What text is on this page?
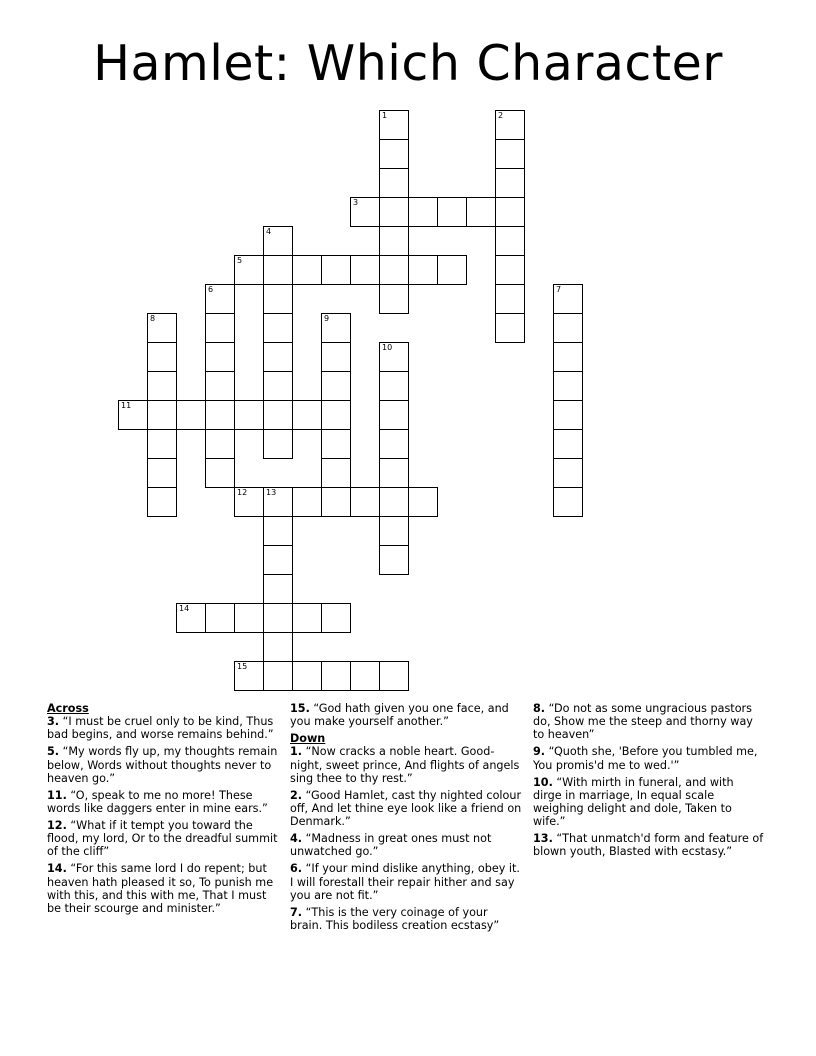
Hamlet: Which Character
1	2
3
4
5
6	7
8	9
10
11
12 13
14
15
Across
3. “I must be cruel only to be kind, Thus bad begins, and worse remains behind.”
5. “My words fly up, my thoughts remain below, Words without thoughts never to heaven go.”
11. “O, speak to me no more! These words like daggers enter in mine ears.”
12. “What if it tempt you toward the flood, my lord, Or to the dreadful summit of the cliff”
14. “For this same lord I do repent; but heaven hath pleased it so, To punish me with this, and this with me, That I must be their scourge and minister.”
15. “God hath given you one face, and you make yourself another.”
Down
1. “Now cracks a noble heart. Good-night, sweet prince, And flights of angels sing thee to thy rest.”
2. “Good Hamlet, cast thy nighted colour off, And let thine eye look like a friend on Denmark.”
4. “Madness in great ones must not unwatched go.”
6. “If your mind dislike anything, obey it. I will forestall their repair hither and say you are not fit.”
7. “This is the very coinage of your brain. This bodiless creation ecstasy”
8. “Do not as some ungracious pastors do, Show me the steep and thorny way to heaven”
9. “Quoth she, 'Before you tumbled me, You promis'd me to wed.'”
10. “With mirth in funeral, and with dirge in marriage, In equal scale weighing delight and dole, Taken to wife.”
13. “That unmatch'd form and feature of blown youth, Blasted with ecstasy.”
